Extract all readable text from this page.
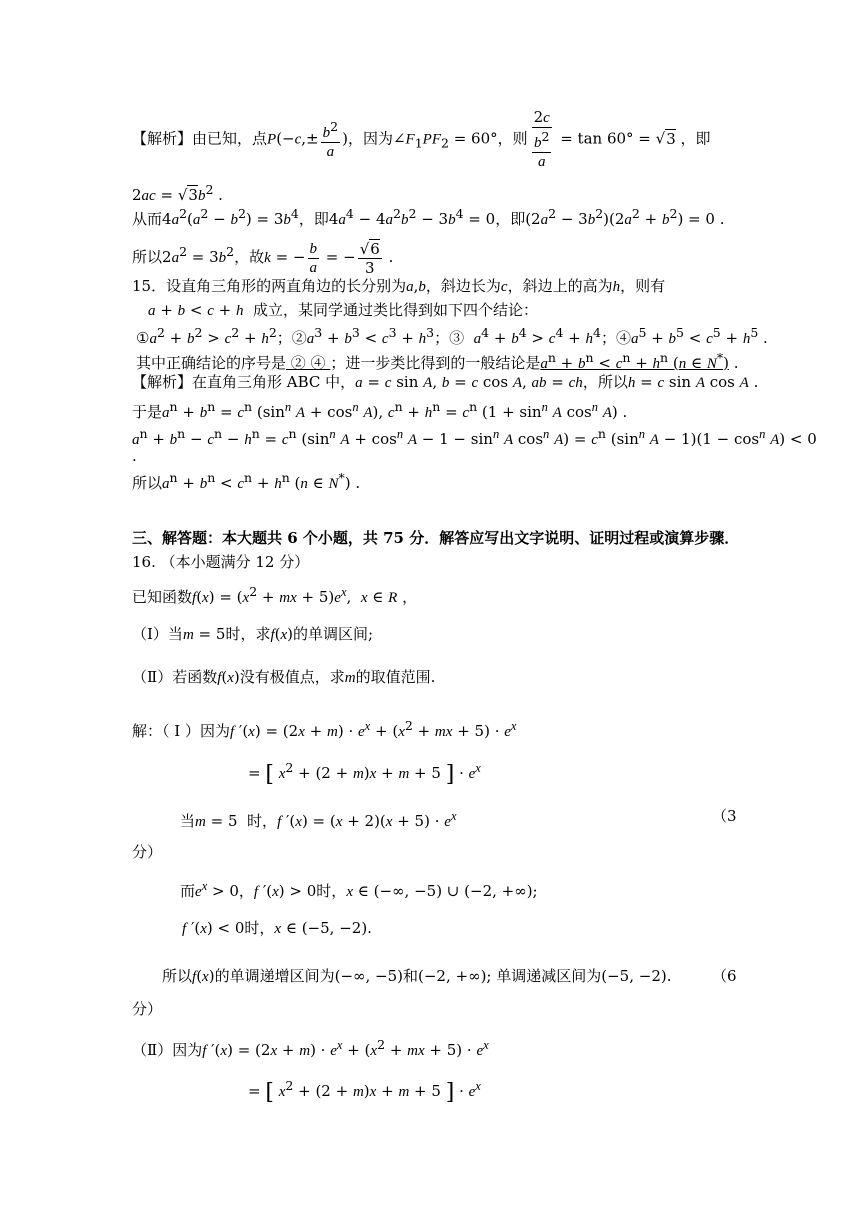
【解析】由已知，点$P(-c,\pm \frac{b^2}{a}$ )，因为$\angle F_1PF_2 = 60^\circ$，则 $\frac{2c}{\frac{b^2}{a}} = \tan 60^\circ = √3$ ，即
$2ac = √3b^2$ .
从而$4a^2(a^2 - b^2) = 3b^4$，即$4a^4 - 4a^2b^2 - 3b^4 = 0$，即$(2a^2 - 3b^2)(2a^2 + b^2) = 0$ .
所以$2a^2 = 3b^2$，故k = − $\frac{b}{a}$ = − $\frac{√6}{3}$ .
15．设直角三角形的两直角边的长分别为a,b，斜边长为c，斜边上的高为h，则有
a + b < c + h 成立，某同学通过类比得到如下四个结论：
$①a^2 + b^2 > c^2 + h^2$；$②a^3 + b^3 < c^3 + h^3$；③  $a^4 + b^4 > c^4 + h^4$；$④a^5 + b^5 < c^5 + h^5$ .
其中正确结论的序号是 ② ④ ；进一步类比得到的一般结论是$a^n + b^n < c^n + h^n$ (n ∈ N*) .
【解析】在直角三角形 ABC 中，a = c sin A, b = c cos A, ab = ch，所以h = c sin A cos A .
于是$a^n + b^n = c^n$ ($\sin^n$ $A + \cos^n A$), $c^n + h^n = c^n$ ($1 + \sin^n A$ $\cos^n A$) .
$a^n + b^n - c^n - h^n = c^n$ ($\sin^n$ $A + \cos^n A - 1 - \sin^n A$ $\cos^n A) = c^n$ ($\sin^n$ $A - 1)(1 - \cos^n A) < 0$
.
所以$a^n + b^n < c^n + h^n$ (n ∈ N*) .
三、解答题：本大题共 6 个小题，共 75 分．解答应写出文字说明、证明过程或演算步骤．
16. （本小题满分 12 分）
已知函数$f(x) = (x^2$ + mx + $5)e^x$,  x ∈ R ，
（I）当m = 5时，求f(x)的单调区间;
（Ⅱ）若函数f(x)没有极值点，求m的取值范围.
解：（ I ）因为f $'(x) = (2x + m) \cdot e^x + (x^2$ + mx + $5) \cdot e^x$
= [ $x^2 + (2 + m)x + m + 5$ ] · $e^x$
当m = 5  时，f $'(x) = (x + 2)(x + 5) \cdot e^x$	（3
分）
而$e^x > 0$，f ′(x) > 0时，x ∈ (−∞, −5) ∪ (−2, +∞);
f ′(x) < 0时，x ∈ (−5, −2).
所以f(x)的单调递增区间为(−∞, −5)和(−2, +∞); 单调递减区间为(−5, −2).	（6
分）
（Ⅱ）因为f $'(x) = (2x + m) \cdot e^x + (x^2$ + mx + $5) \cdot e^x$
= [ $x^2 + (2 + m)x + m + 5$ ] · $e^x$
